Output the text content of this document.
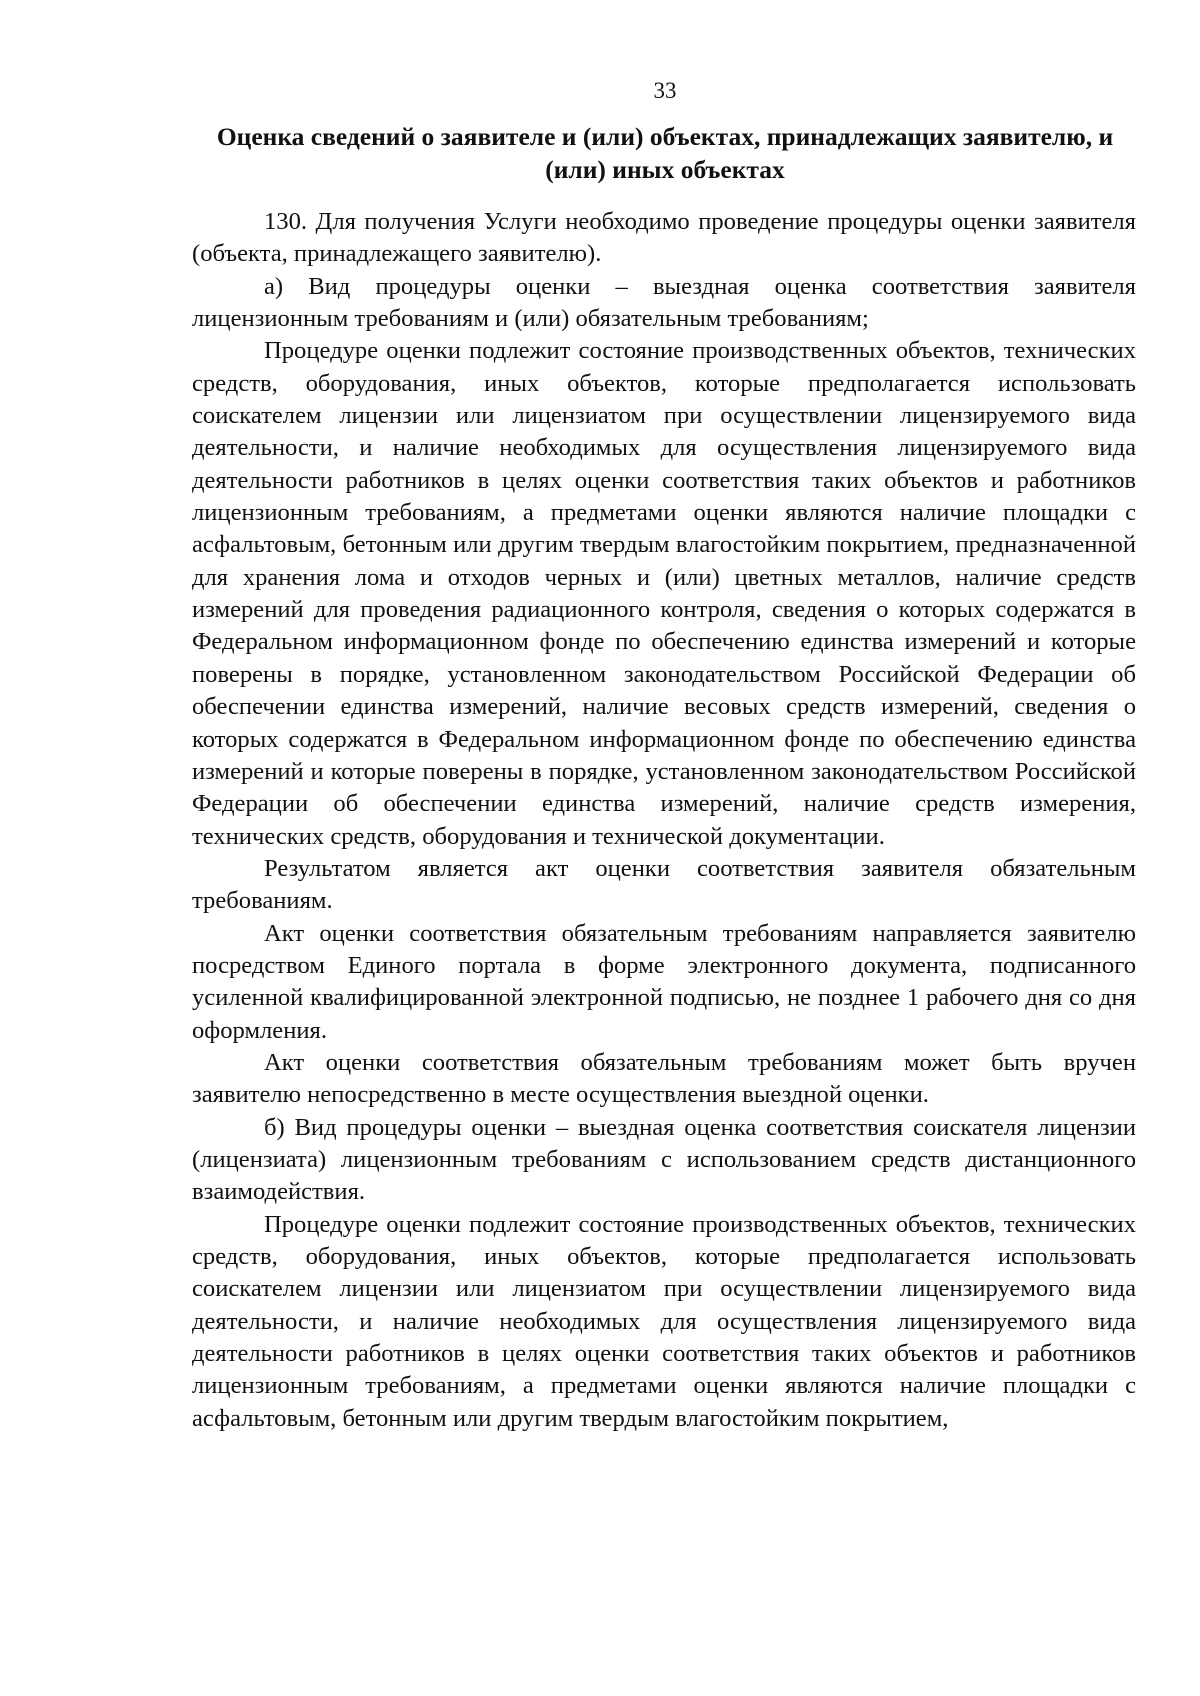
33
Оценка сведений о заявителе и (или) объектах, принадлежащих заявителю, и (или) иных объектах

130. Для получения Услуги необходимо проведение процедуры оценки заявителя (объекта, принадлежащего заявителю).

а) Вид процедуры оценки – выездная оценка соответствия заявителя лицензионным требованиям и (или) обязательным требованиям;

Процедуре оценки подлежит состояние производственных объектов, технических средств, оборудования, иных объектов, которые предполагается использовать соискателем лицензии или лицензиатом при осуществлении лицензируемого вида деятельности, и наличие необходимых для осуществления лицензируемого вида деятельности работников в целях оценки соответствия таких объектов и работников лицензионным требованиям, а предметами оценки являются наличие площадки с асфальтовым, бетонным или другим твердым влагостойким покрытием, предназначенной для хранения лома и отходов черных и (или) цветных металлов, наличие средств измерений для проведения радиационного контроля, сведения о которых содержатся в Федеральном информационном фонде по обеспечению единства измерений и которые поверены в порядке, установленном законодательством Российской Федерации об обеспечении единства измерений, наличие весовых средств измерений, сведения о которых содержатся в Федеральном информационном фонде по обеспечению единства измерений и которые поверены в порядке, установленном законодательством Российской Федерации об обеспечении единства измерений, наличие средств измерения, технических средств, оборудования и технической документации.

Результатом является акт оценки соответствия заявителя обязательным требованиям.

Акт оценки соответствия обязательным требованиям направляется заявителю посредством Единого портала в форме электронного документа, подписанного усиленной квалифицированной электронной подписью, не позднее 1 рабочего дня со дня оформления.

Акт оценки соответствия обязательным требованиям может быть вручен заявителю непосредственно в месте осуществления выездной оценки.

б) Вид процедуры оценки – выездная оценка соответствия соискателя лицензии (лицензиата) лицензионным требованиям с использованием средств дистанционного взаимодействия.

Процедуре оценки подлежит состояние производственных объектов, технических средств, оборудования, иных объектов, которые предполагается использовать соискателем лицензии или лицензиатом при осуществлении лицензируемого вида деятельности, и наличие необходимых для осуществления лицензируемого вида деятельности работников в целях оценки соответствия таких объектов и работников лицензионным требованиям, а предметами оценки являются наличие площадки с асфальтовым, бетонным или другим твердым влагостойким покрытием,
